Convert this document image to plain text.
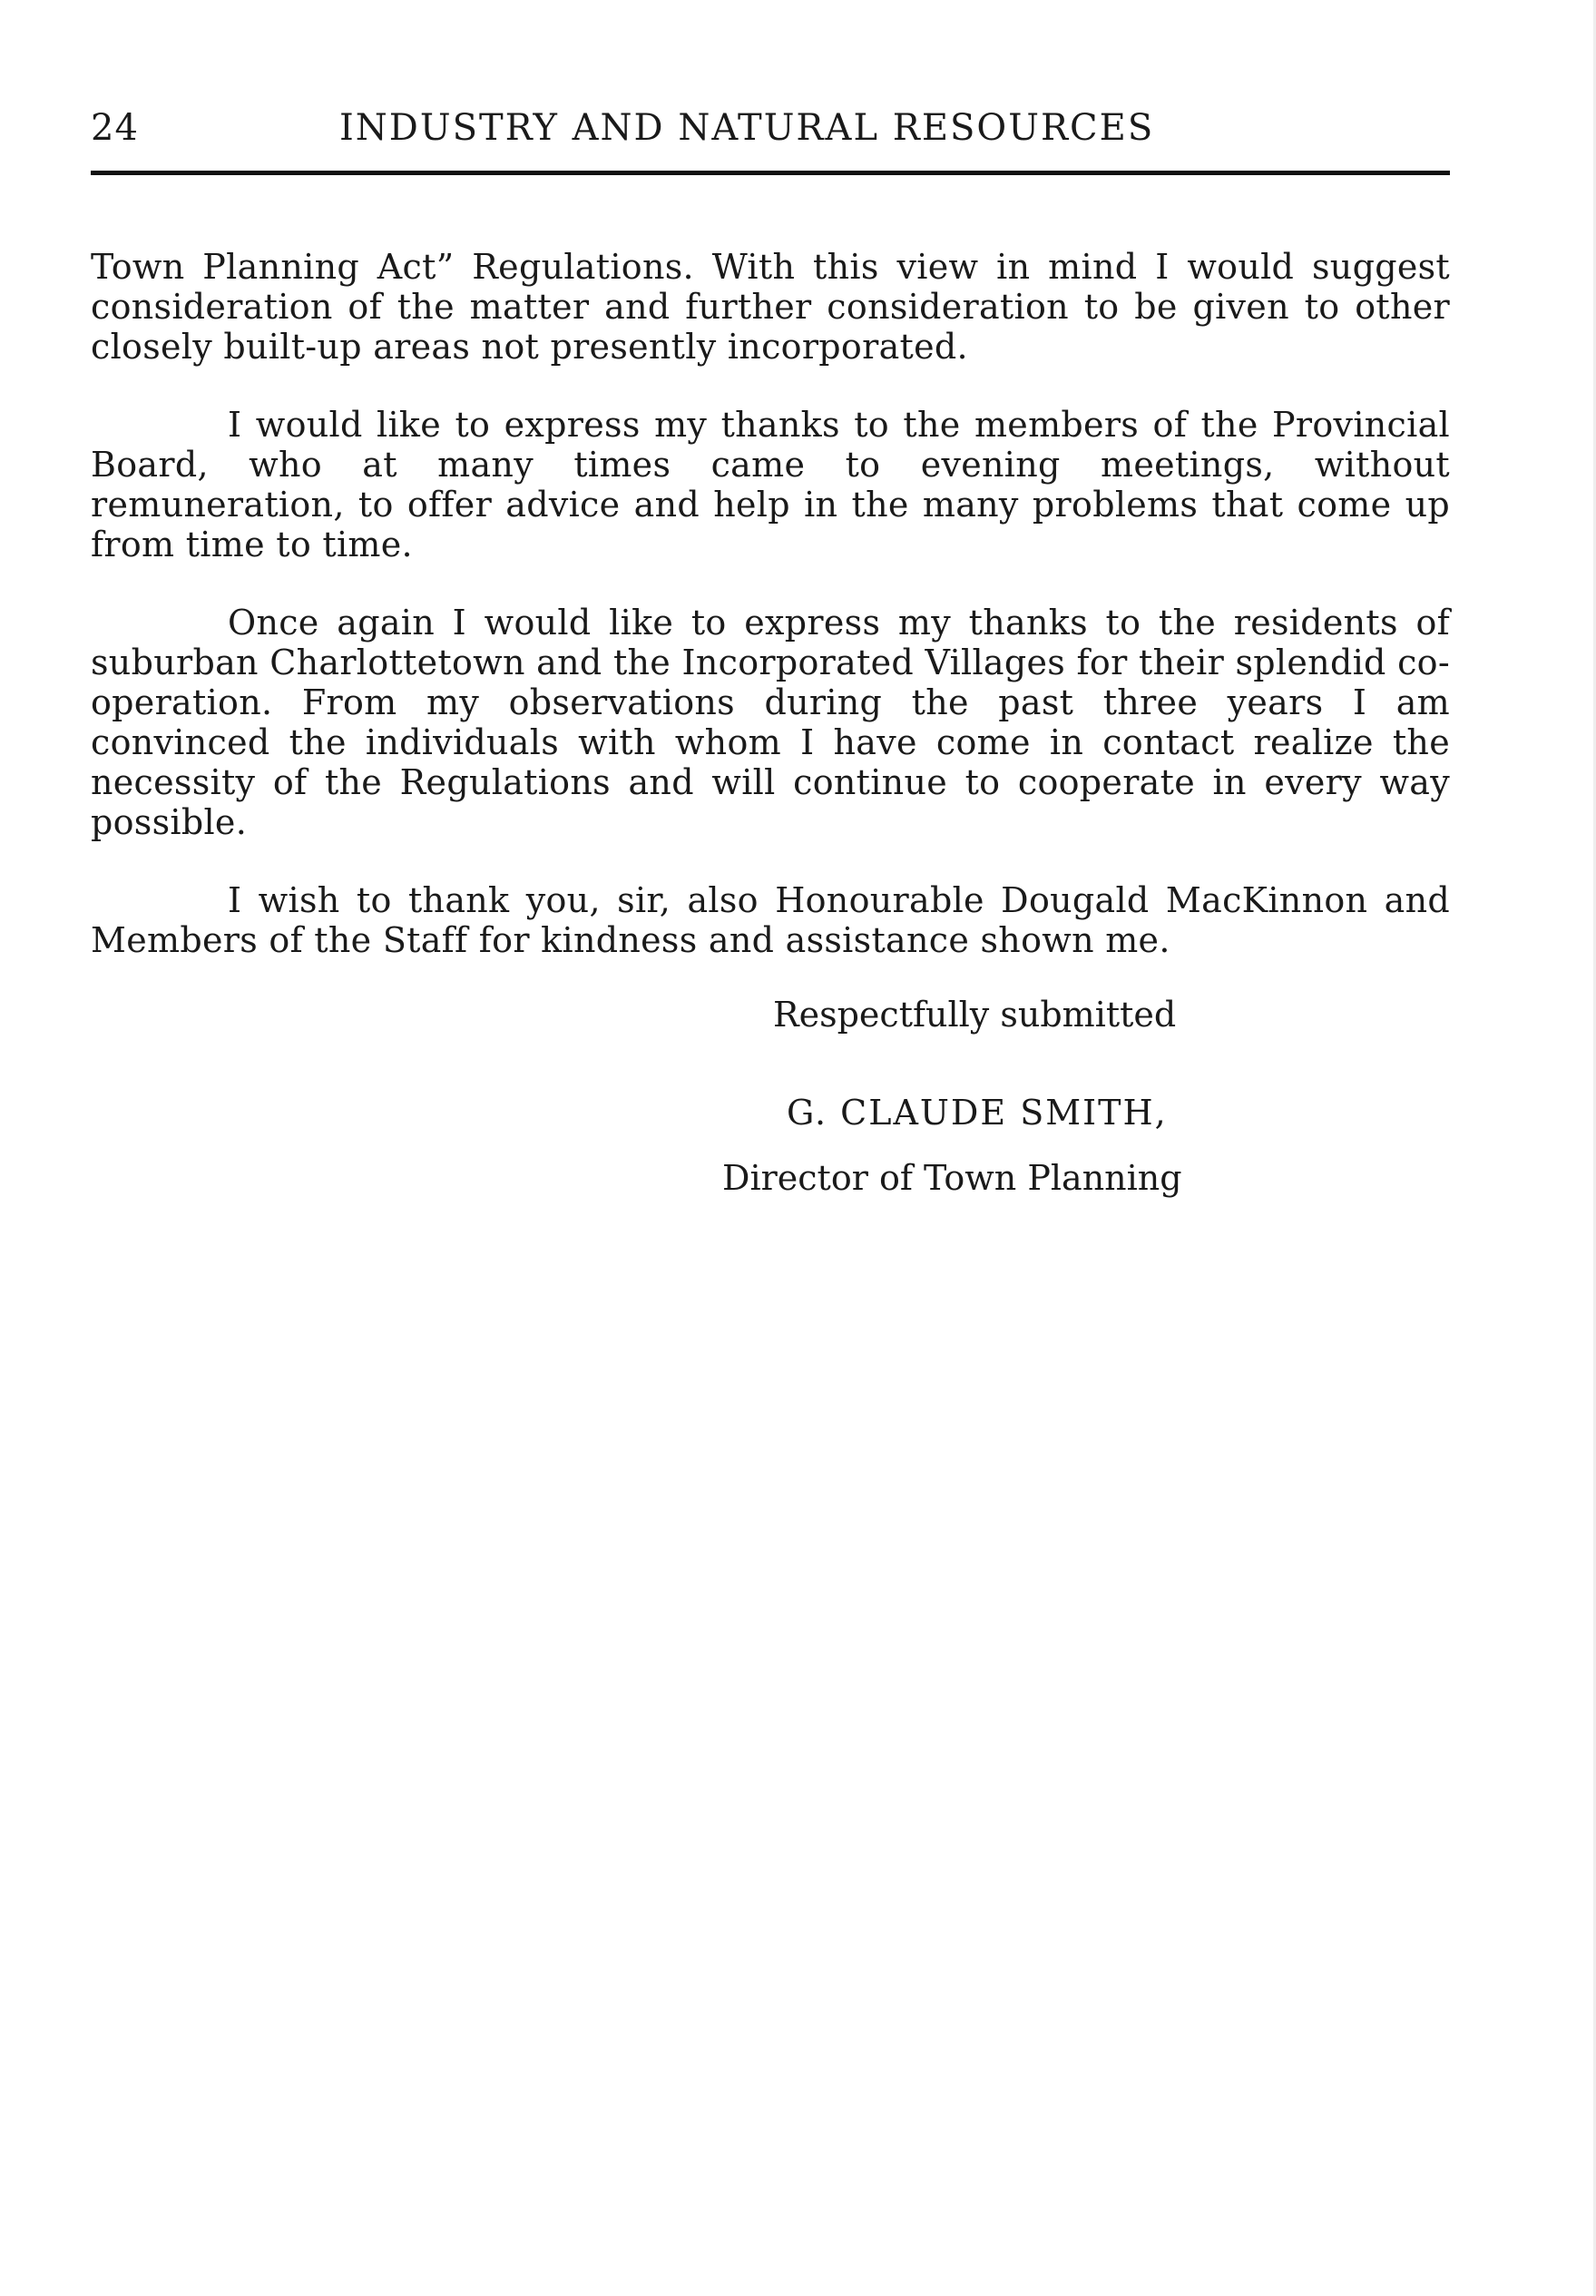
24	INDUSTRY AND NATURAL RESOURCES

Town Planning Act” Regulations. With this view in mind I would suggest consideration of the matter and further consideration to be given to other closely built-up areas not presently incorporated.

I would like to express my thanks to the members of the Provincial Board, who at many times came to evening meetings, without remuneration, to offer advice and help in the many problems that come up from time to time.

Once again I would like to express my thanks to the residents of suburban Charlottetown and the Incorporated Villages for their splendid co-operation. From my observations during the past three years I am convinced the individuals with whom I have come in contact realize the necessity of the Regulations and will continue to cooperate in every way possible.

I wish to thank you, sir, also Honourable Dougald MacKinnon and Members of the Staff for kindness and assistance shown me.

Respectfully submitted
G. CLAUDE SMITH,
Director of Town Planning
